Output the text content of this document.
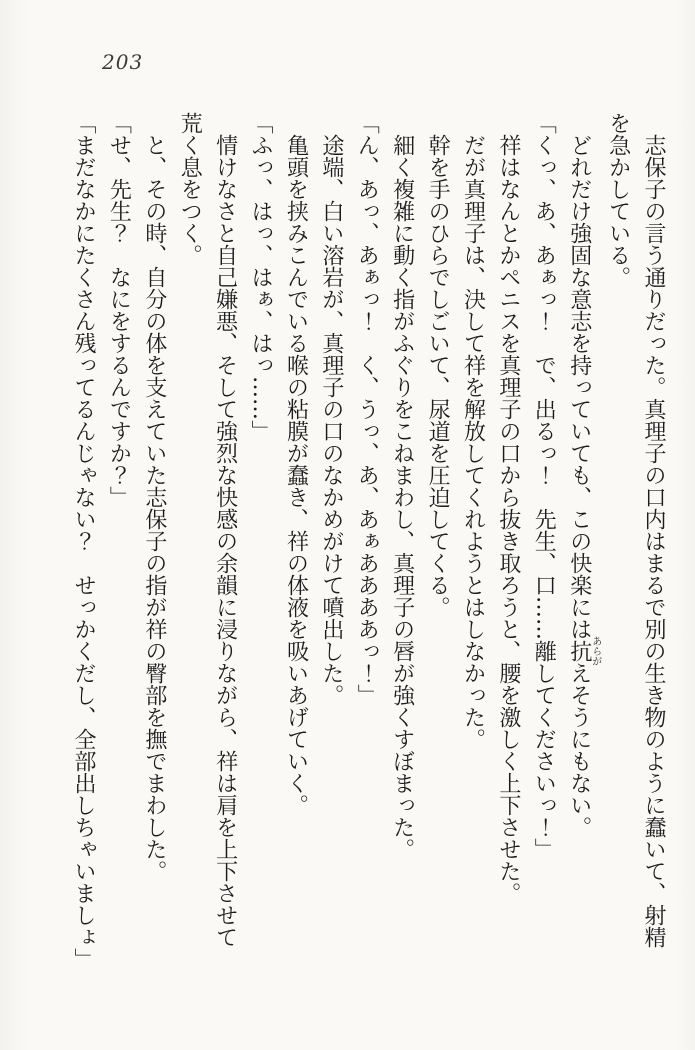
203

志保子の言う通りだった。真理子の口内はまるで別の生き物のように蠢いて、射精

を急かしている。

どれだけ強固な意志を持っていても、この快楽には抗あらがえそうにもない。

「くっ、あ、あぁっ！　で、出るっ！　先生、口……離してくださいっ！」

祥はなんとかペニスを真理子の口から抜き取ろうと、腰を激しく上下させた。

だが真理子は、決して祥を解放してくれようとはしなかった。

幹を手のひらでしごいて、尿道を圧迫してくる。

細く複雑に動く指がふぐりをこねまわし、真理子の唇が強くすぼまった。

「ん、あっ、あぁっ！　く、うっ、あ、あぁああああっ！」

途端、白い溶岩が、真理子の口のなかめがけて噴出した。

亀頭を挟みこんでいる喉の粘膜が蠢き、祥の体液を吸いあげていく。

「ふっ、はっ、はぁ、はっ……」

情けなさと自己嫌悪、そして強烈な快感の余韻に浸りながら、祥は肩を上下させて

荒く息をつく。

と、その時、自分の体を支えていた志保子の指が祥の臀部を撫でまわした。

「せ、先生？　なにをするんですか？」

「まだなかにたくさん残ってるんじゃない？　せっかくだし、全部出しちゃいましょ」
